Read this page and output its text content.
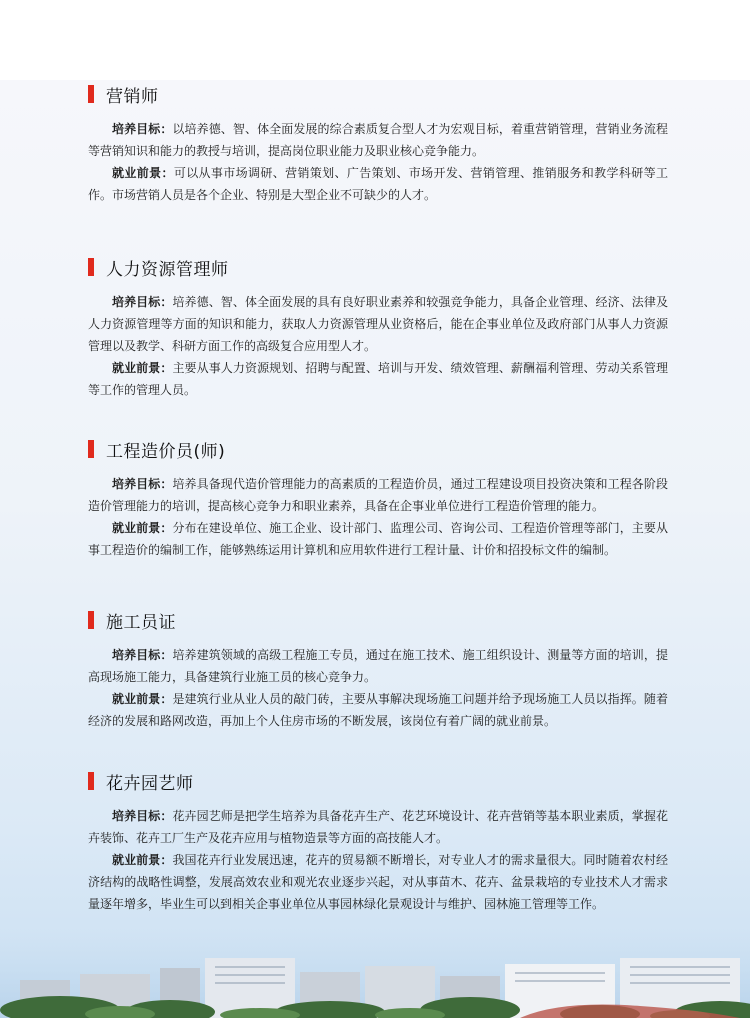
营销师

培养目标：以培养德、智、体全面发展的综合素质复合型人才为宏观目标，着重营销管理，营销业务流程等营销知识和能力的教授与培训，提高岗位职业能力及职业核心竞争能力。

就业前景：可以从事市场调研、营销策划、广告策划、市场开发、营销管理、推销服务和教学科研等工作。市场营销人员是各个企业、特别是大型企业不可缺少的人才。

人力资源管理师

培养目标：培养德、智、体全面发展的具有良好职业素养和较强竞争能力，具备企业管理、经济、法律及人力资源管理等方面的知识和能力，获取人力资源管理从业资格后，能在企事业单位及政府部门从事人力资源管理以及教学、科研方面工作的高级复合应用型人才。

就业前景：主要从事人力资源规划、招聘与配置、培训与开发、绩效管理、薪酬福利管理、劳动关系管理等工作的管理人员。

工程造价员(师)

培养目标：培养具备现代造价管理能力的高素质的工程造价员，通过工程建设项目投资决策和工程各阶段造价管理能力的培训，提高核心竞争力和职业素养，具备在企事业单位进行工程造价管理的能力。

就业前景：分布在建设单位、施工企业、设计部门、监理公司、咨询公司、工程造价管理等部门，主要从事工程造价的编制工作，能够熟练运用计算机和应用软件进行工程计量、计价和招投标文件的编制。

施工员证

培养目标：培养建筑领域的高级工程施工专员，通过在施工技术、施工组织设计、测量等方面的培训，提高现场施工能力，具备建筑行业施工员的核心竞争力。

就业前景：是建筑行业从业人员的敲门砖，主要从事解决现场施工问题并给予现场施工人员以指挥。随着经济的发展和路网改造，再加上个人住房市场的不断发展，该岗位有着广阔的就业前景。

花卉园艺师

培养目标：花卉园艺师是把学生培养为具备花卉生产、花艺环境设计、花卉营销等基本职业素质，掌握花卉装饰、花卉工厂生产及花卉应用与植物造景等方面的高技能人才。

就业前景：我国花卉行业发展迅速，花卉的贸易额不断增长，对专业人才的需求量很大。同时随着农村经济结构的战略性调整，发展高效农业和观光农业逐步兴起，对从事苗木、花卉、盆景栽培的专业技术人才需求量逐年增多，毕业生可以到相关企事业单位从事园林绿化景观设计与维护、园林施工管理等工作。
